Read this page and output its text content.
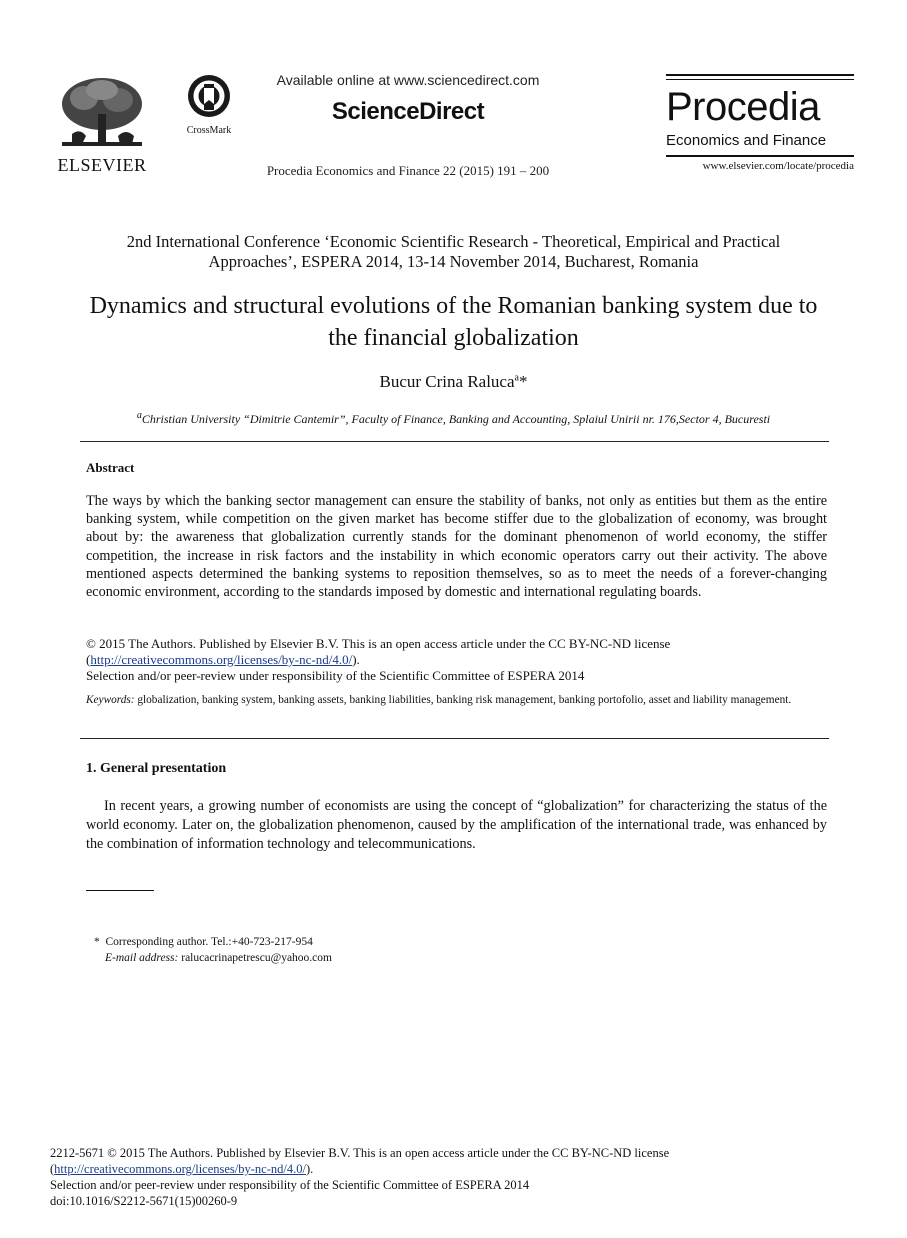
ELSEVIER
CrossMark
Available online at www.sciencedirect.com
ScienceDirect
Procedia Economics and Finance 22 (2015) 191 – 200
Procedia
Economics and Finance
www.elsevier.com/locate/procedia
2nd International Conference ‘Economic Scientific Research - Theoretical, Empirical and Practical Approaches’, ESPERA 2014, 13-14 November 2014, Bucharest, Romania
Dynamics and structural evolutions of the Romanian banking system due to the financial globalization
Bucur Crina Raluca$^a$*
$^a$Christian University “Dimitrie Cantemir”, Faculty of Finance, Banking and Accounting, Splaiul Unirii nr. 176,Sector 4, Bucuresti
Abstract
The ways by which the banking sector management can ensure the stability of banks, not only as entities but them as the entire banking system, while competition on the given market has become stiffer due to the globalization of economy, was brought about by: the awareness that globalization currently stands for the dominant phenomenon of world economy, the stiffer competition, the increase in risk factors and the instability in which economic operators carry out their activity. The above mentioned aspects determined the banking systems to reposition themselves, so as to meet the needs of a forever-changing economic environment, according to the standards imposed by domestic and international regulating boards.
© 2015 The Authors. Published by Elsevier B.V. This is an open access article under the CC BY-NC-ND license
(http://creativecommons.org/licenses/by-nc-nd/4.0/).
Selection and/or peer-review under responsibility of the Scientific Committee of ESPERA 2014
Keywords: globalization, banking system, banking assets, banking liabilities, banking risk management, banking portofolio, asset and liability management.
1. General presentation
In recent years, a growing number of economists are using the concept of “globalization” for characterizing the status of the world economy. Later on, the globalization phenomenon, caused by the amplification of the international trade, was enhanced by the combination of information technology and telecommunications.
* Corresponding author. Tel.:+40-723-217-954
E-mail address: ralucacrinapetrescu@yahoo.com
2212-5671 © 2015 The Authors. Published by Elsevier B.V. This is an open access article under the CC BY-NC-ND license
(http://creativecommons.org/licenses/by-nc-nd/4.0/).
Selection and/or peer-review under responsibility of the Scientific Committee of ESPERA 2014
doi:10.1016/S2212-5671(15)00260-9
